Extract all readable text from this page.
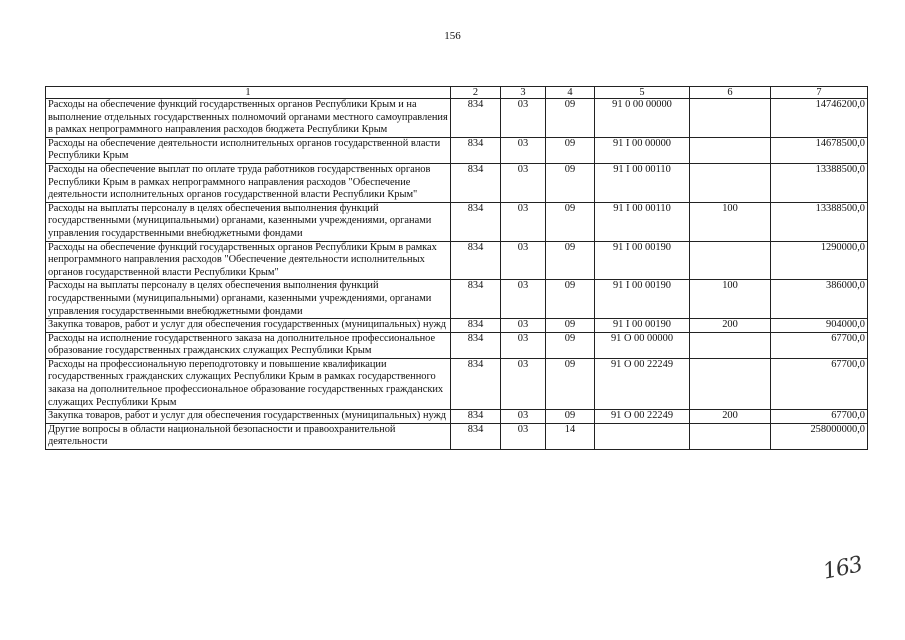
156
1	2	3	4	5	6	7
Расходы на обеспечение функций государственных органов Республики Крым и на выполнение отдельных государственных полномочий органами местного самоуправления в рамках непрограммного направления расходов бюджета Республики Крым	834	03	09	91 0 00 00000		14746200,0
Расходы на обеспечение деятельности исполнительных органов государственной власти Республики Крым	834	03	09	91 I 00 00000		14678500,0
Расходы на обеспечение выплат по оплате труда работников государственных органов Республики Крым в рамках непрограммного направления расходов "Обеспечение деятельности исполнительных органов государственной власти Республики Крым"	834	03	09	91 I 00 00110		13388500,0
Расходы на выплаты персоналу в целях обеспечения выполнения функций государственными (муниципальными) органами, казенными учреждениями, органами управления государственными внебюджетными фондами	834	03	09	91 I 00 00110	100	13388500,0
Расходы на обеспечение функций государственных органов Республики Крым в рамках непрограммного направления расходов "Обеспечение деятельности исполнительных органов государственной власти Республики Крым"	834	03	09	91 I 00 00190		1290000,0
Расходы на выплаты персоналу в целях обеспечения выполнения функций государственными (муниципальными) органами, казенными учреждениями, органами управления государственными внебюджетными фондами	834	03	09	91 I 00 00190	100	386000,0
Закупка товаров, работ и услуг для обеспечения государственных (муниципальных) нужд	834	03	09	91 I 00 00190	200	904000,0
Расходы на исполнение государственного заказа на дополнительное профессиональное образование государственных гражданских служащих Республики Крым	834	03	09	91 О 00 00000		67700,0
Расходы на профессиональную переподготовку и повышение квалификации государственных гражданских служащих Республики Крым в рамках государственного заказа на дополнительное профессиональное образование государственных гражданских служащих Республики Крым	834	03	09	91 О 00 22249		67700,0
Закупка товаров, работ и услуг для обеспечения государственных (муниципальных) нужд	834	03	09	91 О 00 22249	200	67700,0
Другие вопросы в области национальной безопасности и правоохранительной деятельности	834	03	14			258000000,0
163
